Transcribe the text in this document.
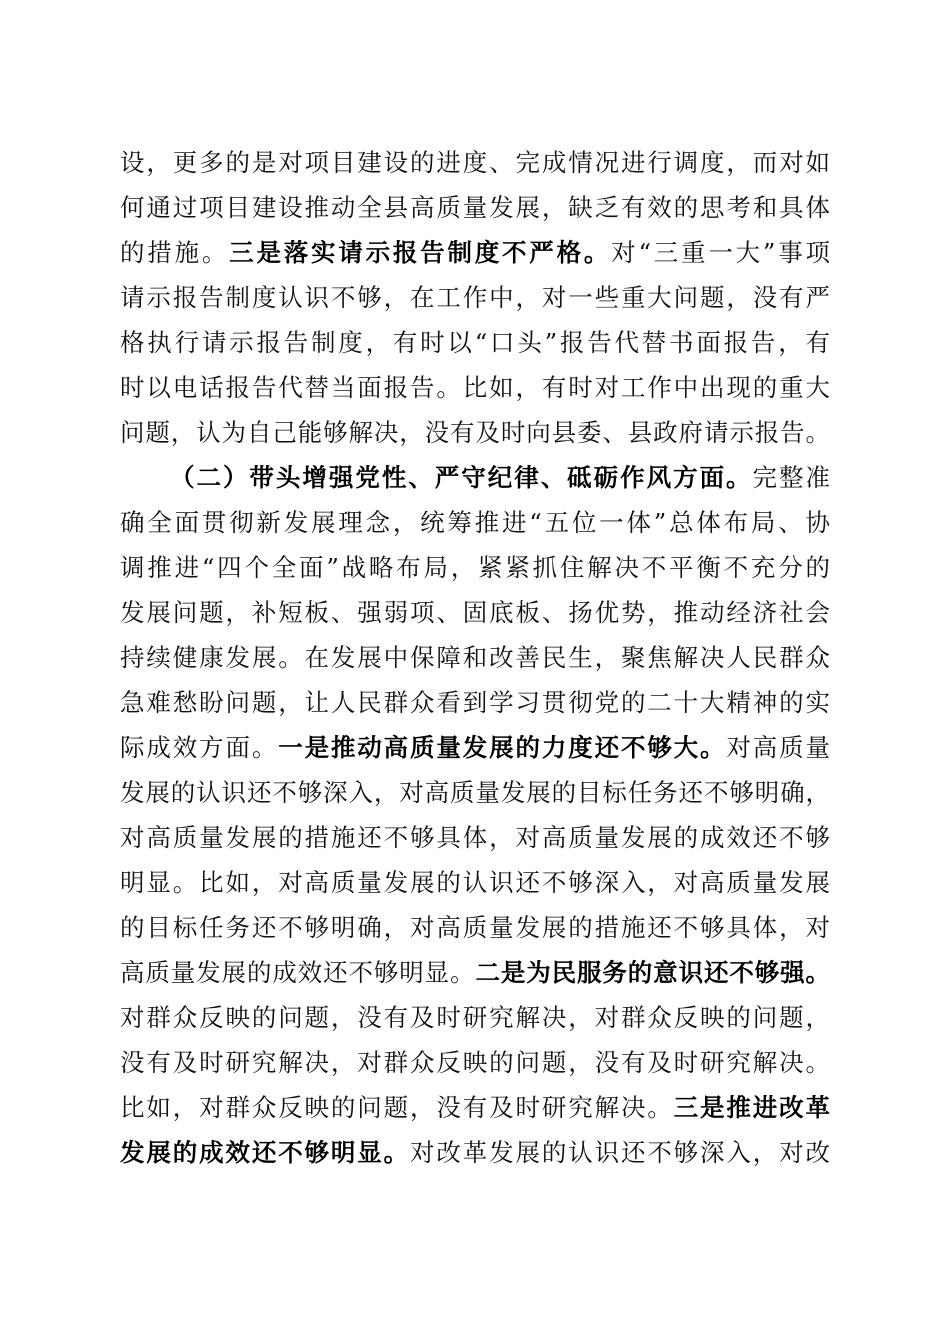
设，更多的是对项目建设的进度、完成情况进行调度，而对如
何通过项目建设推动全县高质量发展，缺乏有效的思考和具体
的措施。三是落实请示报告制度不严格。对“三重一大”事项
请示报告制度认识不够，在工作中，对一些重大问题，没有严
格执行请示报告制度，有时以“口头”报告代替书面报告，有
时以电话报告代替当面报告。比如，有时对工作中出现的重大
问题，认为自己能够解决，没有及时向县委、县政府请示报告。
（二）带头增强党性、严守纪律、砥砺作风方面。完整准
确全面贯彻新发展理念，统筹推进“五位一体”总体布局、协
调推进“四个全面”战略布局，紧紧抓住解决不平衡不充分的
发展问题，补短板、强弱项、固底板、扬优势，推动经济社会
持续健康发展。在发展中保障和改善民生，聚焦解决人民群众
急难愁盼问题，让人民群众看到学习贯彻党的二十大精神的实
际成效方面。一是推动高质量发展的力度还不够大。对高质量
发展的认识还不够深入，对高质量发展的目标任务还不够明确，
对高质量发展的措施还不够具体，对高质量发展的成效还不够
明显。比如，对高质量发展的认识还不够深入，对高质量发展
的目标任务还不够明确，对高质量发展的措施还不够具体，对
高质量发展的成效还不够明显。二是为民服务的意识还不够强。
对群众反映的问题，没有及时研究解决，对群众反映的问题，
没有及时研究解决，对群众反映的问题，没有及时研究解决。
比如，对群众反映的问题，没有及时研究解决。三是推进改革
发展的成效还不够明显。对改革发展的认识还不够深入，对改
